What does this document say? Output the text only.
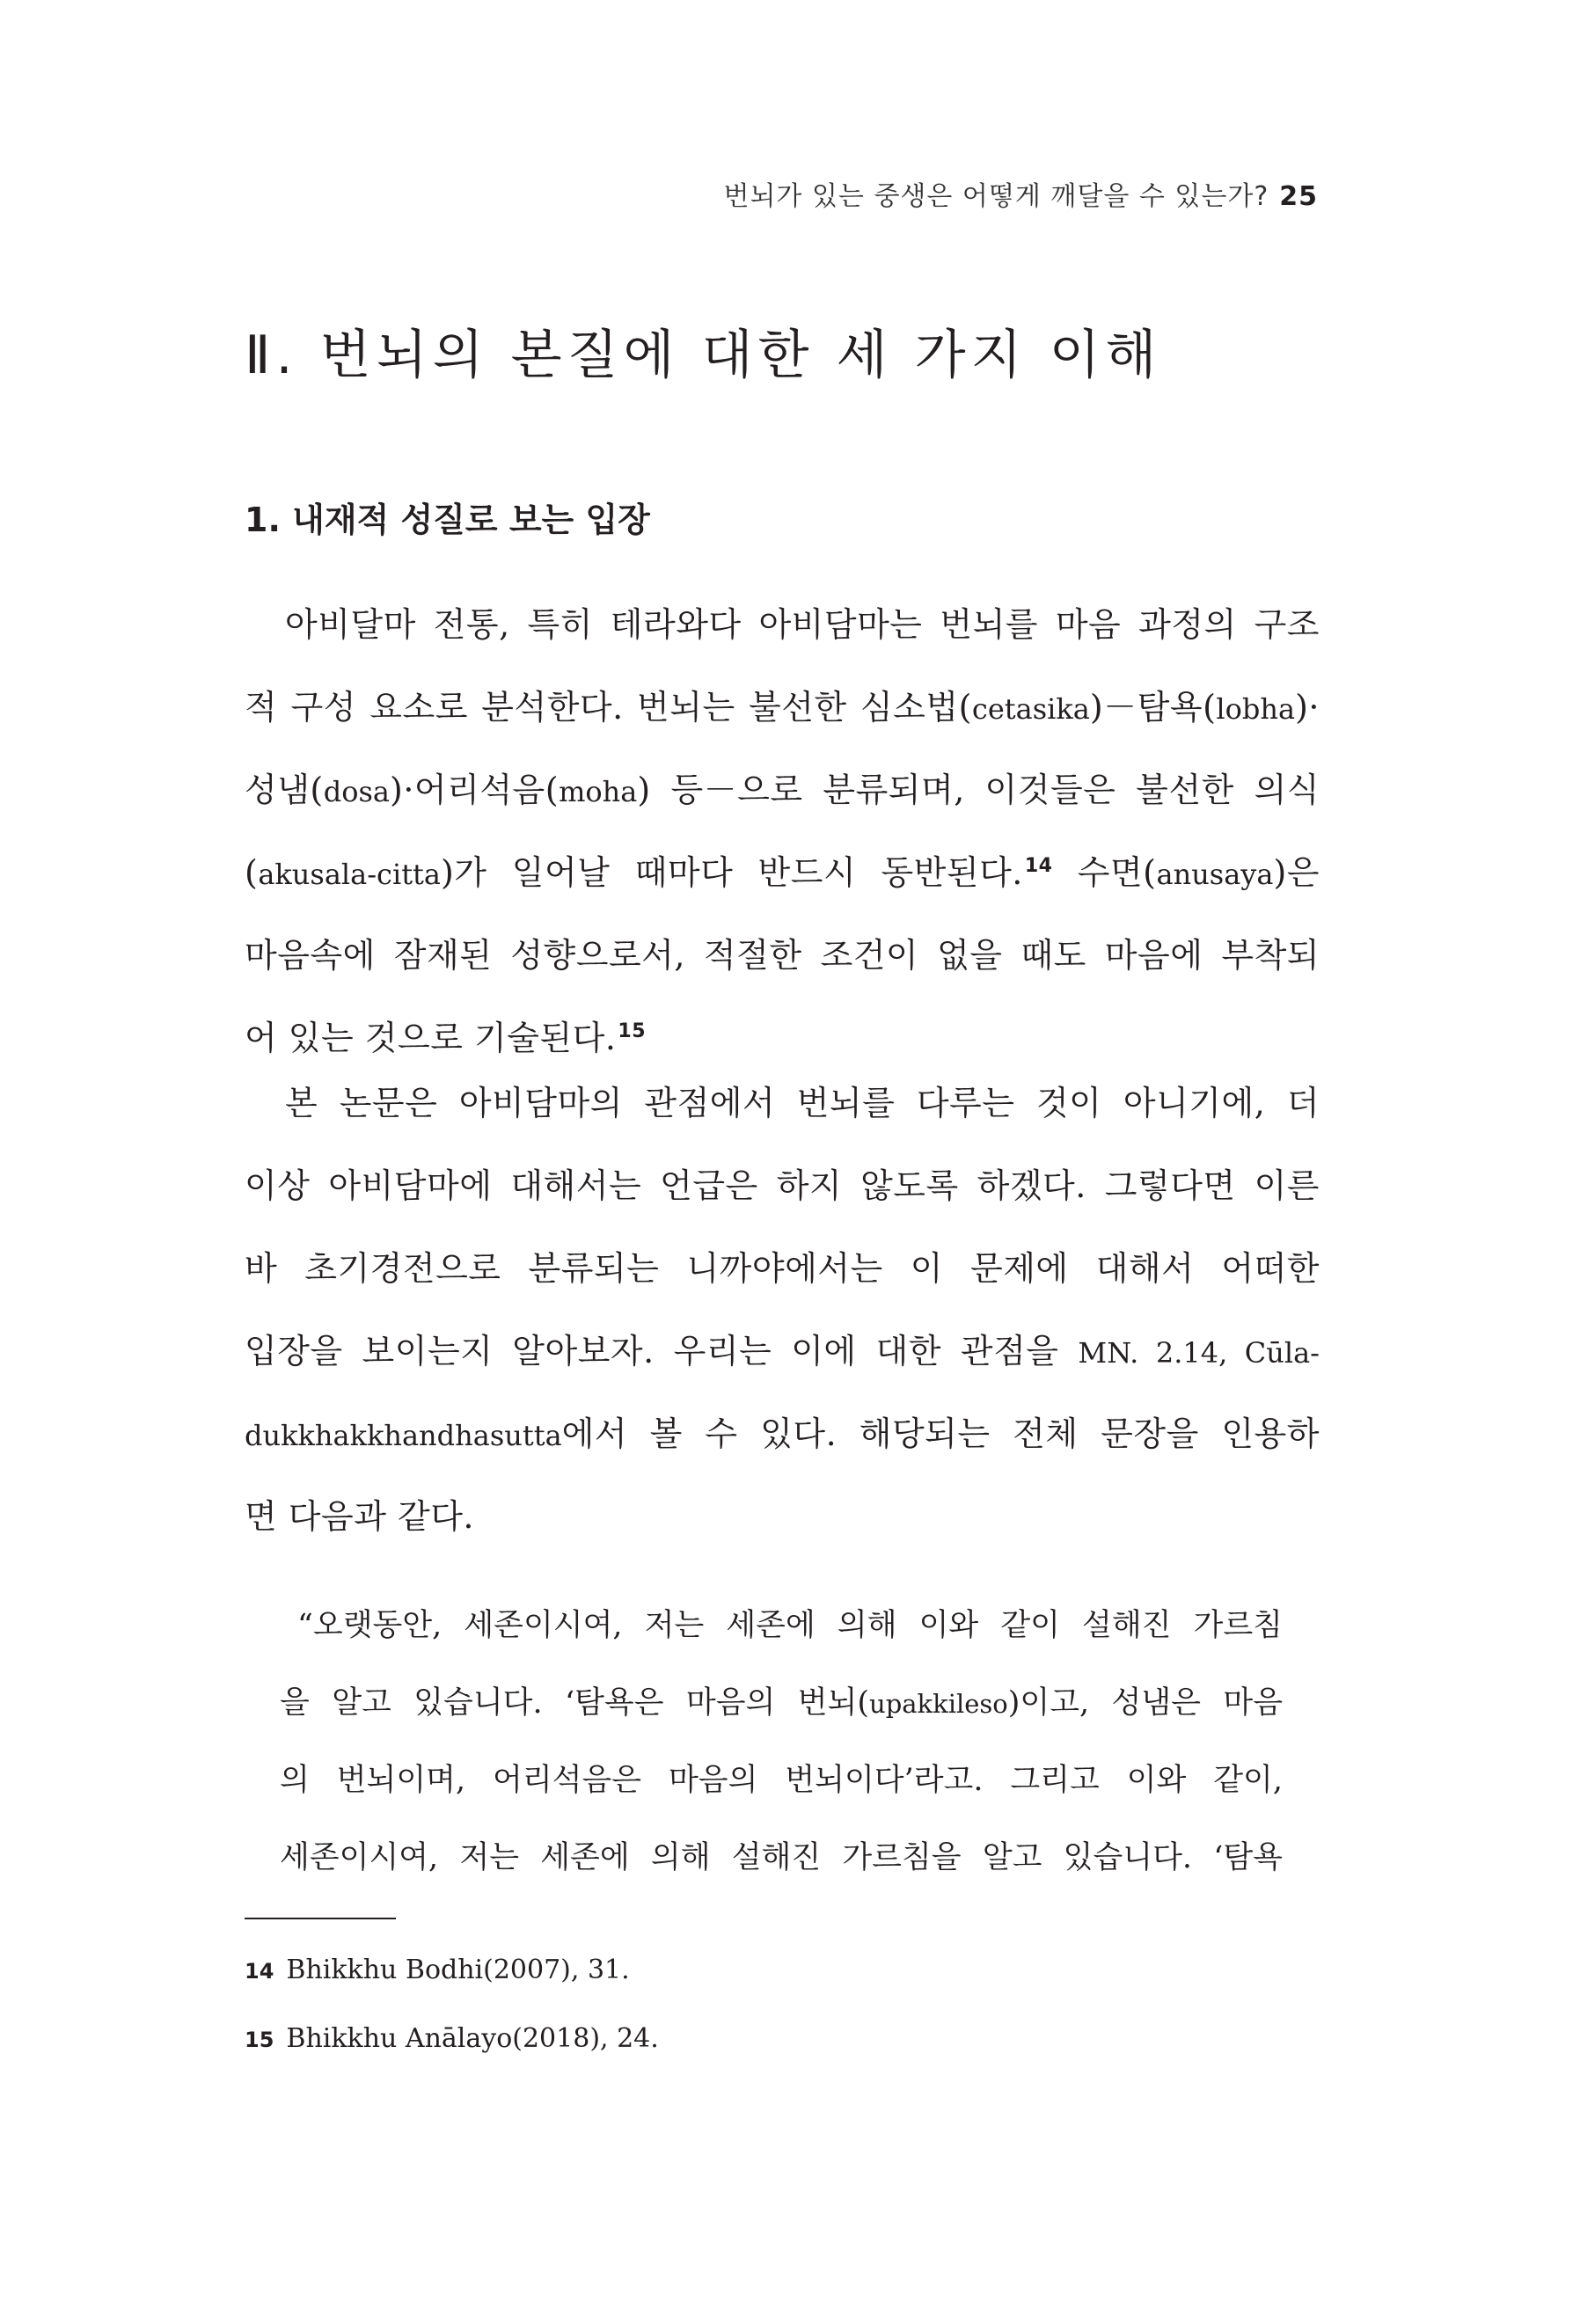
번뇌가 있는 중생은 어떻게 깨달을 수 있는가? 25
Ⅱ. 번뇌의 본질에 대한 세 가지 이해
1. 내재적 성질로 보는 입장
아비달마 전통, 특히 테라와다 아비담마는 번뇌를 마음 과정의 구조
적 구성 요소로 분석한다. 번뇌는 불선한 심소법(cetasika)－탐욕(lobha)·
성냄(dosa)·어리석음(moha) 등－으로 분류되며, 이것들은 불선한 의식
(akusala-citta)가 일어날 때마다 반드시 동반된다.$^{14}$ 수면(anusaya)은
마음속에 잠재된 성향으로서, 적절한 조건이 없을 때도 마음에 부착되
어 있는 것으로 기술된다.$^{15}$
본 논문은 아비담마의 관점에서 번뇌를 다루는 것이 아니기에, 더
이상 아비담마에 대해서는 언급은 하지 않도록 하겠다. 그렇다면 이른
바 초기경전으로 분류되는 니까야에서는 이 문제에 대해서 어떠한
입장을 보이는지 알아보자. 우리는 이에 대한 관점을 MN. 2.14, Cūla-
dukkhakkhandhasutta에서 볼 수 있다. 해당되는 전체 문장을 인용하
면 다음과 같다.
“오랫동안, 세존이시여, 저는 세존에 의해 이와 같이 설해진 가르침
을 알고 있습니다. ‘탐욕은 마음의 번뇌(upakkileso)이고, 성냄은 마음
의 번뇌이며, 어리석음은 마음의 번뇌이다’라고. 그리고 이와 같이,
세존이시여, 저는 세존에 의해 설해진 가르침을 알고 있습니다. ‘탐욕
14 Bhikkhu Bodhi(2007), 31.
15 Bhikkhu Anālayo(2018), 24.
